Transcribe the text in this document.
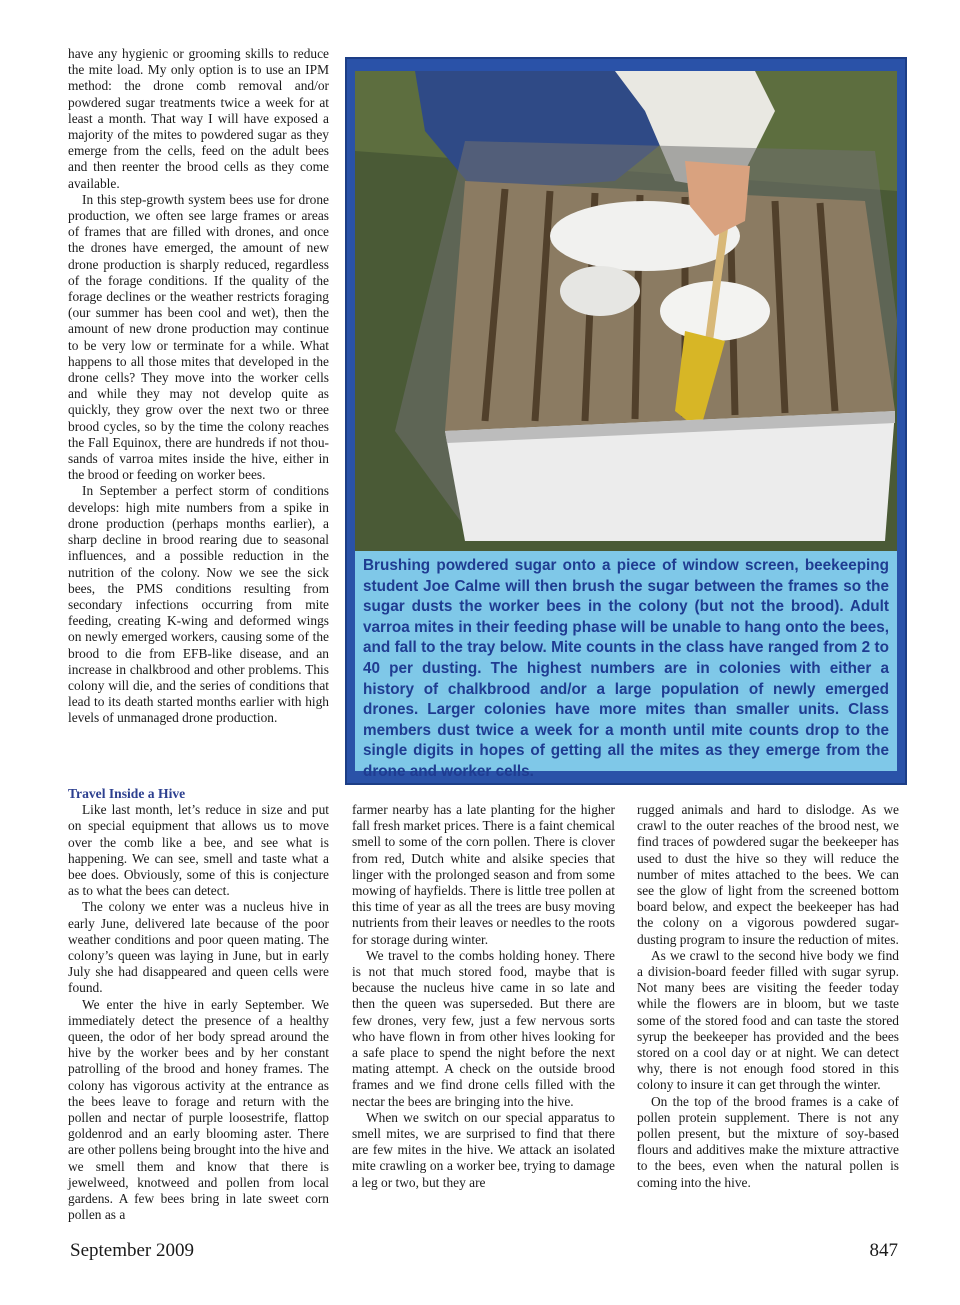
have any hygienic or grooming skills to reduce the mite load. My only option is to use an IPM method: the drone comb removal and/or powdered sugar treatments twice a week for at least a month. That way I will have exposed a majority of the mites to powdered sugar as they emerge from the cells, feed on the adult bees and then reenter the brood cells as they come available.

In this step-growth system bees use for drone production, we often see large frames or areas of frames that are filled with drones, and once the drones have emerged, the amount of new drone production is sharply reduced, regardless of the forage conditions. If the quality of the forage declines or the weather restricts foraging (our summer has been cool and wet), then the amount of new drone production may continue to be very low or terminate for a while. What happens to all those mites that developed in the drone cells? They move into the worker cells and while they may not develop quite as quickly, they grow over the next two or three brood cycles, so by the time the colony reaches the Fall Equinox, there are hundreds if not thousands of varroa mites inside the hive, either in the brood or feeding on worker bees.

In September a perfect storm of conditions develops: high mite numbers from a spike in drone production (perhaps months earlier), a sharp decline in brood rearing due to seasonal influences, and a possible reduction in the nutrition of the colony. Now we see the sick bees, the PMS conditions resulting from secondary infections occurring from mite feeding, creating K-wing and deformed wings on newly emerged workers, causing some of the brood to die from EFB-like disease, and an increase in chalkbrood and other problems. This colony will die, and the series of conditions that lead to its death started months earlier with high levels of unmanaged drone production.

Travel Inside a Hive

Like last month, let’s reduce in size and put on special equipment that allows us to move over the comb like a bee, and see what is happening. We can see, smell and taste what a bee does. Obviously, some of this is conjecture as to what the bees can detect.

The colony we enter was a nucleus hive in early June, delivered late because of the poor weather conditions and poor queen mating. The colony’s queen was laying in June, but in early July she had disappeared and queen cells were found.

We enter the hive in early September. We immediately detect the presence of a healthy queen, the odor of her body spread around the hive by the worker bees and by her constant patrolling of the brood and honey frames. The colony has vigorous activity at the entrance as the bees leave to forage and return with the pollen and nectar of purple loosestrife, flattop goldenrod and an early blooming aster. There are other pollens being brought into the hive and we smell them and know that there is jewelweed, knotweed and pollen from local gardens. A few bees bring in late sweet corn pollen as a

farmer nearby has a late planting for the higher fall fresh market prices. There is a faint chemical smell to some of the corn pollen. There is clover from red, Dutch white and alsike species that linger with the prolonged season and from some mowing of hayfields. There is little tree pollen at this time of year as all the trees are busy moving nutrients from their leaves or needles to the roots for storage during winter.

We travel to the combs holding honey. There is not that much stored food, maybe that is because the nucleus hive came in so late and then the queen was superseded. But there are few drones, very few, just a few nervous sorts who have flown in from other hives looking for a safe place to spend the night before the next mating attempt. A check on the outside brood frames and we find drone cells filled with the nectar the bees are bringing into the hive.

When we switch on our special apparatus to smell mites, we are surprised to find that there are few mites in the hive. We attack an isolated mite crawling on a worker bee, trying to damage a leg or two, but they are

rugged animals and hard to dislodge. As we crawl to the outer reaches of the brood nest, we find traces of powdered sugar the beekeeper has used to dust the hive so they will reduce the number of mites attached to the bees. We can see the glow of light from the screened bottom board below, and expect the beekeeper has had the colony on a vigorous powdered sugar-dusting program to insure the reduction of mites.

As we crawl to the second hive body we find a division-board feeder filled with sugar syrup. Not many bees are visiting the feeder today while the flowers are in bloom, but we taste some of the stored food and can taste the stored syrup the beekeeper has provided and the bees stored on a cool day or at night. We can detect why, there is not enough food stored in this colony to insure it can get through the winter.

On the top of the brood frames is a cake of pollen protein supplement. There is not any pollen present, but the mixture of soy-based flours and additives make the mixture attractive to the bees, even when the natural pollen is coming into the hive.

Brushing powdered sugar onto a piece of window screen, beekeeping student Joe Calme will then brush the sugar between the frames so the sugar dusts the worker bees in the colony (but not the brood). Adult varroa mites in their feeding phase will be unable to hang onto the bees, and fall to the tray below. Mite counts in the class have ranged from 2 to 40 per dusting. The highest numbers are in colonies with either a history of chalkbrood and/or a large population of newly emerged drones. Larger colonies have more mites than smaller units. Class members dust twice a week for a month until mite counts drop to the single digits in hopes of getting all the mites as they emerge from the drone and worker cells.

September 2009	847
